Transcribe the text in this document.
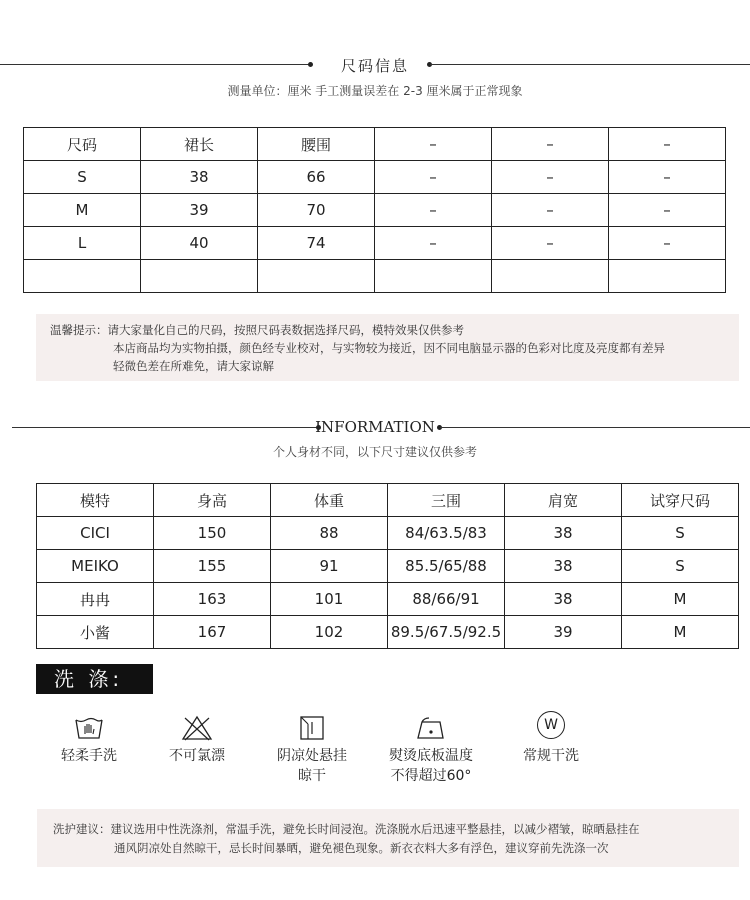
尺码信息
测量单位：厘米 手工测量误差在 2-3 厘米属于正常现象
尺码	裙长	腰围	–	–	–
S	38	66	–	–	–
M	39	70	–	–	–
L	40	74	–	–	–

温馨提示：请大家量化自己的尺码，按照尺码表数据选择尺码，模特效果仅供参考
本店商品均为实物拍摄，颜色经专业校对，与实物较为接近，因不同电脑显示器的色彩对比度及亮度都有差异
轻微色差在所难免，请大家谅解
INFORMATION
个人身材不同，以下尺寸建议仅供参考
模特	身高	体重	三围	肩宽	试穿尺码
CICI	150	88	84/63.5/83	38	S
MEIKO	155	91	85.5/65/88	38	S
冉冉	163	101	88/66/91	38	M
小酱	167	102	89.5/67.5/92.5	39	M
洗 涤:
轻柔手洗	不可氯漂	阴凉处悬挂
晾干
熨烫底板温度
不得超过60°
W
常规干洗
洗护建议：建议选用中性洗涤剂，常温手洗，避免长时间浸泡。洗涤脱水后迅速平整悬挂，以减少褶皱，晾晒悬挂在
通风阴凉处自然晾干，忌长时间暴晒，避免褪色现象。新衣衣料大多有浮色，建议穿前先洗涤一次
